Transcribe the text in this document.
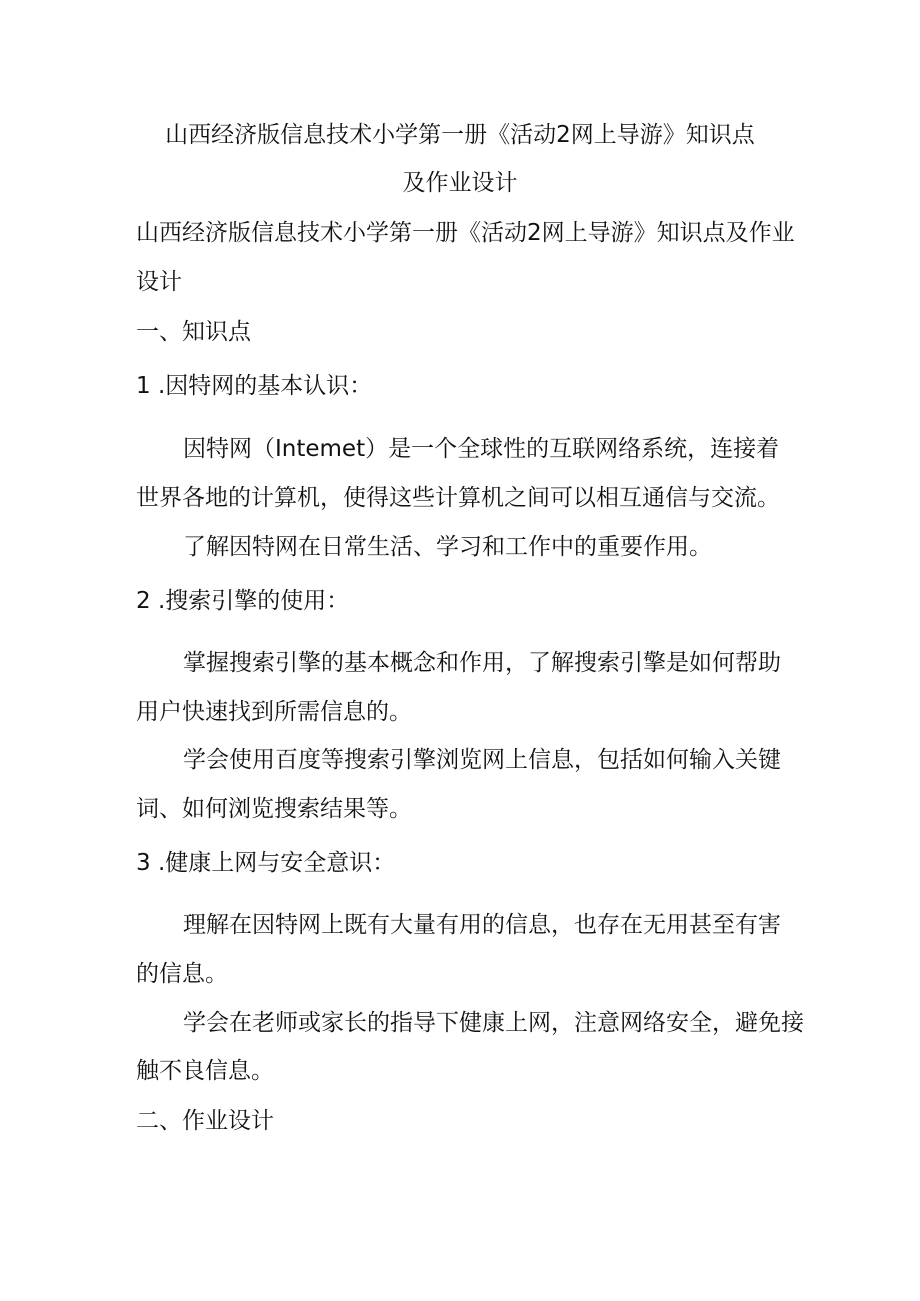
山西经济版信息技术小学第一册《活动2网上导游》知识点
及作业设计
山西经济版信息技术小学第一册《活动2网上导游》知识点及作业
设计
一、知识点
1 .因特网的基本认识：
因特网（Intemet）是一个全球性的互联网络系统，连接着
世界各地的计算机，使得这些计算机之间可以相互通信与交流。
了解因特网在日常生活、学习和工作中的重要作用。
2 .搜索引擎的使用：
掌握搜索引擎的基本概念和作用，了解搜索引擎是如何帮助
用户快速找到所需信息的。
学会使用百度等搜索引擎浏览网上信息，包括如何输入关键
词、如何浏览搜索结果等。
3 .健康上网与安全意识：
理解在因特网上既有大量有用的信息，也存在无用甚至有害
的信息。
学会在老师或家长的指导下健康上网，注意网络安全，避免接
触不良信息。
二、作业设计
